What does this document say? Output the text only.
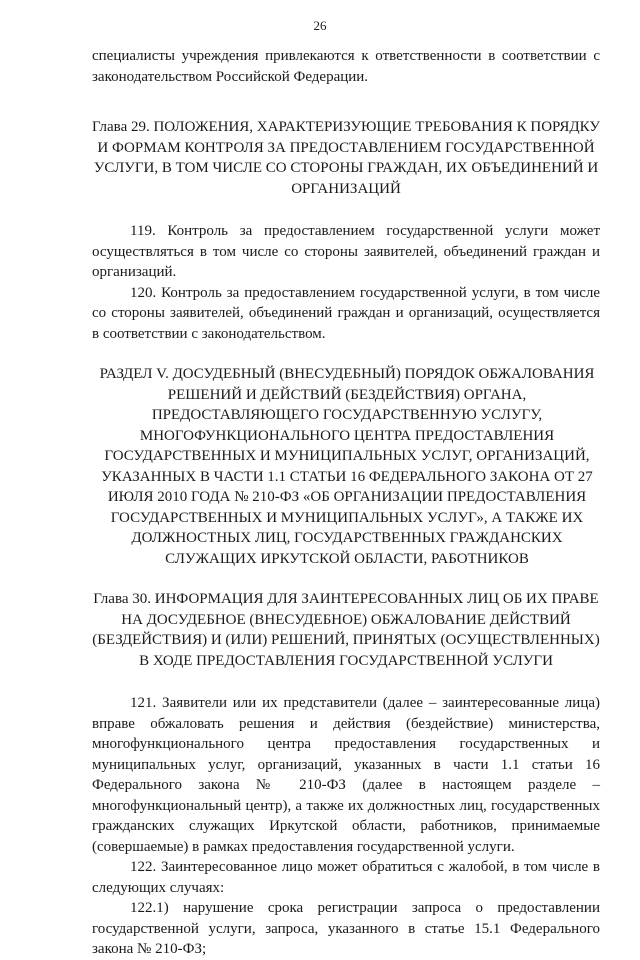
26

специалисты учреждения привлекаются к ответственности в соответствии с законодательством Российской Федерации.

Глава 29. ПОЛОЖЕНИЯ, ХАРАКТЕРИЗУЮЩИЕ ТРЕБОВАНИЯ К ПОРЯДКУ И ФОРМАМ КОНТРОЛЯ ЗА ПРЕДОСТАВЛЕНИЕМ ГОСУДАРСТВЕННОЙ УСЛУГИ, В ТОМ ЧИСЛЕ СО СТОРОНЫ ГРАЖДАН, ИХ ОБЪЕДИНЕНИЙ И ОРГАНИЗАЦИЙ

119. Контроль за предоставлением государственной услуги может осуществляться в том числе со стороны заявителей, объединений граждан и организаций.

120. Контроль за предоставлением государственной услуги, в том числе со стороны заявителей, объединений граждан и организаций, осуществляется в соответствии с законодательством.

РАЗДЕЛ V. ДОСУДЕБНЫЙ (ВНЕСУДЕБНЫЙ) ПОРЯДОК ОБЖАЛОВАНИЯ РЕШЕНИЙ И ДЕЙСТВИЙ (БЕЗДЕЙСТВИЯ) ОРГАНА, ПРЕДОСТАВЛЯЮЩЕГО ГОСУДАРСТВЕННУЮ УСЛУГУ, МНОГОФУНКЦИОНАЛЬНОГО ЦЕНТРА ПРЕДОСТАВЛЕНИЯ ГОСУДАРСТВЕННЫХ И МУНИЦИПАЛЬНЫХ УСЛУГ, ОРГАНИЗАЦИЙ, УКАЗАННЫХ В ЧАСТИ 1.1 СТАТЬИ 16 ФЕДЕРАЛЬНОГО ЗАКОНА ОТ 27 ИЮЛЯ 2010 ГОДА № 210-ФЗ «ОБ ОРГАНИЗАЦИИ ПРЕДОСТАВЛЕНИЯ ГОСУДАРСТВЕННЫХ И МУНИЦИПАЛЬНЫХ УСЛУГ», А ТАКЖЕ ИХ ДОЛЖНОСТНЫХ ЛИЦ, ГОСУДАРСТВЕННЫХ ГРАЖДАНСКИХ СЛУЖАЩИХ ИРКУТСКОЙ ОБЛАСТИ, РАБОТНИКОВ

Глава 30. ИНФОРМАЦИЯ ДЛЯ ЗАИНТЕРЕСОВАННЫХ ЛИЦ ОБ ИХ ПРАВЕ НА ДОСУДЕБНОЕ (ВНЕСУДЕБНОЕ) ОБЖАЛОВАНИЕ ДЕЙСТВИЙ (БЕЗДЕЙСТВИЯ) И (ИЛИ) РЕШЕНИЙ, ПРИНЯТЫХ (ОСУЩЕСТВЛЕННЫХ) В ХОДЕ ПРЕДОСТАВЛЕНИЯ ГОСУДАРСТВЕННОЙ УСЛУГИ

121. Заявители или их представители (далее – заинтересованные лица) вправе обжаловать решения и действия (бездействие) министерства, многофункционального центра предоставления государственных и муниципальных услуг, организаций, указанных в части 1.1 статьи 16 Федерального закона № 210-ФЗ (далее в настоящем разделе – многофункциональный центр), а также их должностных лиц, государственных гражданских служащих Иркутской области, работников, принимаемые (совершаемые) в рамках предоставления государственной услуги.

122. Заинтересованное лицо может обратиться с жалобой, в том числе в следующих случаях:

122.1) нарушение срока регистрации запроса о предоставлении государственной услуги, запроса, указанного в статье 15.1 Федерального закона № 210-ФЗ;
